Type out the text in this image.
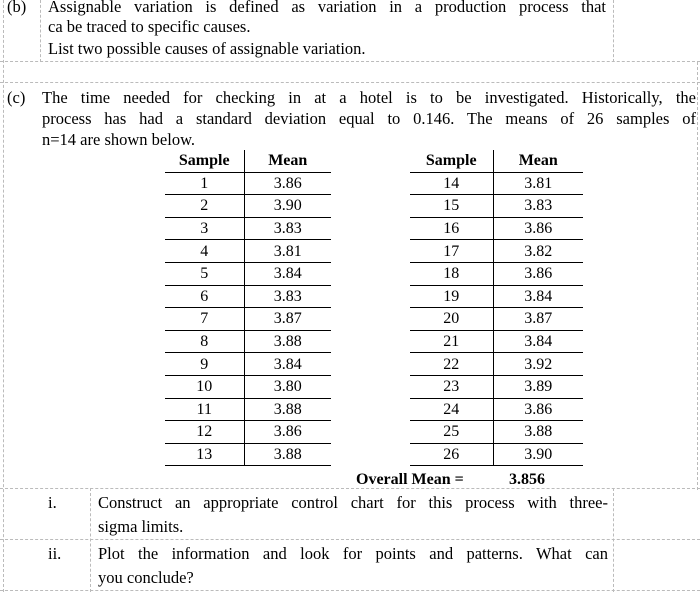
(b) Assignable variation is defined as variation in a production process that
ca be traced to specific causes.
List two possible causes of assignable variation.
(c) The time needed for checking in at a hotel is to be investigated. Historically, the
process has had a standard deviation equal to 0.146. The means of 26 samples of
n=14 are shown below.
Sample	Mean
1	3.86
2	3.90
3	3.83
4	3.81
5	3.84
6	3.83
7	3.87
8	3.88
9	3.84
10	3.80
11	3.88
12	3.86
13	3.88
Sample	Mean
14	3.81
15	3.83
16	3.86
17	3.82
18	3.86
19	3.84
20	3.87
21	3.84
22	3.92
23	3.89
24	3.86
25	3.88
26	3.90
Overall Mean =	3.856
i.	Construct an appropriate control chart for this process with three-
sigma limits.
ii. Plot the information and look for points and patterns. What can
you conclude?
